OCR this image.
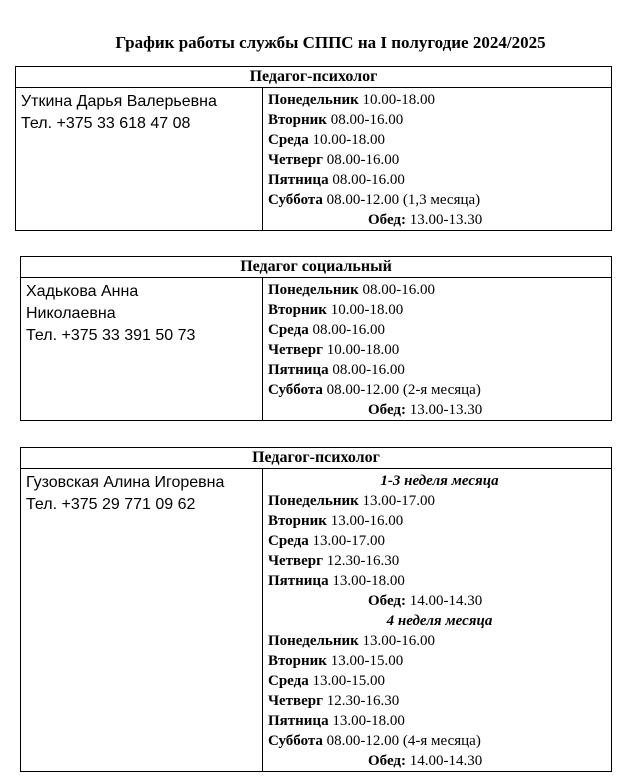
График работы службы СППС на I полугодие 2024/2025
Педагог-психолог

Уткина Дарья Валерьевна
Тел. +375 33 618 47 08

Понедельник 10.00-18.00
Вторник 08.00-16.00
Среда 10.00-18.00
Четверг 08.00-16.00
Пятница 08.00-16.00
Суббота 08.00-12.00 (1,3 месяца)
Обед: 13.00-13.30
Педагог социальный

Хадькова Анна
Николаевна
Тел. +375 33 391 50 73

Понедельник 08.00-16.00
Вторник 10.00-18.00
Среда 08.00-16.00
Четверг 10.00-18.00
Пятница 08.00-16.00
Суббота 08.00-12.00 (2-я месяца)
Обед: 13.00-13.30
Педагог-психолог

Гузовская Алина Игоревна
Тел. +375 29 771 09 62

1-3 неделя месяца
Понедельник 13.00-17.00
Вторник 13.00-16.00
Среда 13.00-17.00
Четверг 12.30-16.30
Пятница 13.00-18.00
Обед: 14.00-14.30
4 неделя месяца
Понедельник 13.00-16.00
Вторник 13.00-15.00
Среда 13.00-15.00
Четверг 12.30-16.30
Пятница 13.00-18.00
Суббота 08.00-12.00 (4-я месяца)
Обед: 14.00-14.30
